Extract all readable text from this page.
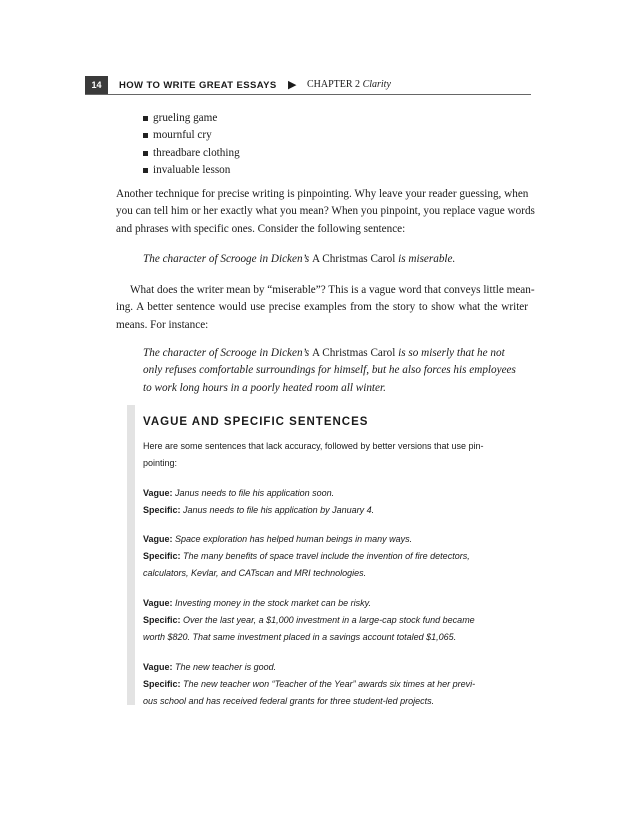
14	HOW TO WRITE GREAT ESSAYS ▶ CHAPTER 2 Clarity
grueling game
mournful cry
threadbare clothing
invaluable lesson

Another technique for precise writing is pinpointing. Why leave your reader guessing, when
you can tell him or her exactly what you mean? When you pinpoint, you replace vague words
and phrases with specific ones. Consider the following sentence:

The character of Scrooge in Dicken’s A Christmas Carol is miserable.

What does the writer mean by “miserable”? This is a vague word that conveys little mean-
ing. A better sentence would use precise examples from the story to show what the writer
means. For instance:

The character of Scrooge in Dicken’s A Christmas Carol is so miserly that he not
only refuses comfortable surroundings for himself, but he also forces his employees
to work long hours in a poorly heated room all winter.
VAGUE AND SPECIFIC SENTENCES

Here are some sentences that lack accuracy, followed by better versions that use pin-

pointing:

Vague: Janus needs to file his application soon.

Specific: Janus needs to file his application by January 4.

Vague: Space exploration has helped human beings in many ways.

Specific: The many benefits of space travel include the invention of fire detectors,

calculators, Kevlar, and CATscan and MRI technologies.

Vague: Investing money in the stock market can be risky.

Specific: Over the last year, a $1,000 investment in a large-cap stock fund became

worth $820. That same investment placed in a savings account totaled $1,065.

Vague: The new teacher is good.

Specific: The new teacher won “Teacher of the Year” awards six times at her previ-

ous school and has received federal grants for three student-led projects.
